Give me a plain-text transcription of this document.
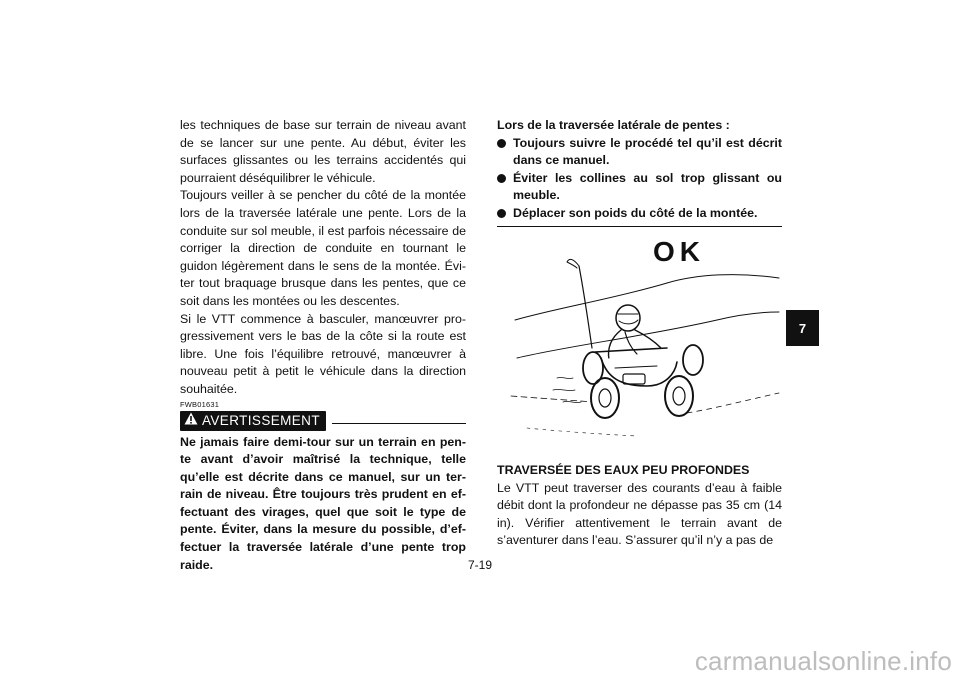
les techniques de base sur terrain de niveau avant de se lancer sur une pente. Au début, éviter les surfaces glissantes ou les terrains accidentés qui pourraient déséquilibrer le véhicule.

Toujours veiller à se pencher du côté de la montée lors de la traversée latérale une pente. Lors de la conduite sur sol meuble, il est parfois nécessaire de corriger la direction de conduite en tournant le guidon légèrement dans le sens de la montée. Évi-ter tout braquage brusque dans les pentes, que ce soit dans les montées ou les descentes.

Si le VTT commence à basculer, manœuvrer pro-gressivement vers le bas de la côte si la route est libre. Une fois l’équilibre retrouvé, manœuvrer à nouveau petit à petit le véhicule dans la direction souhaitée.

FWB01631

AVERTISSEMENT

Ne jamais faire demi-tour sur un terrain en pen-te avant d’avoir maîtrisé la technique, telle qu’elle est décrite dans ce manuel, sur un ter-rain de niveau. Être toujours très prudent en ef-fectuant des virages, quel que soit le type de pente. Éviter, dans la mesure du possible, d’ef-fectuer la traversée latérale d’une pente trop raide.

Lors de la traversée latérale de pentes :

Toujours suivre le procédé tel qu’il est décrit dans ce manuel.
Éviter les collines au sol trop glissant ou meuble.
Déplacer son poids du côté de la montée.
OK

TRAVERSÉE DES EAUX PEU PROFONDES

Le VTT peut traverser des courants d’eau à faible débit dont la profondeur ne dépasse pas 35 cm (14 in). Vérifier attentivement le terrain avant de s’aventurer dans l’eau. S’assurer qu’il n’y a pas de

7-19
7
carmanualsonline.info
